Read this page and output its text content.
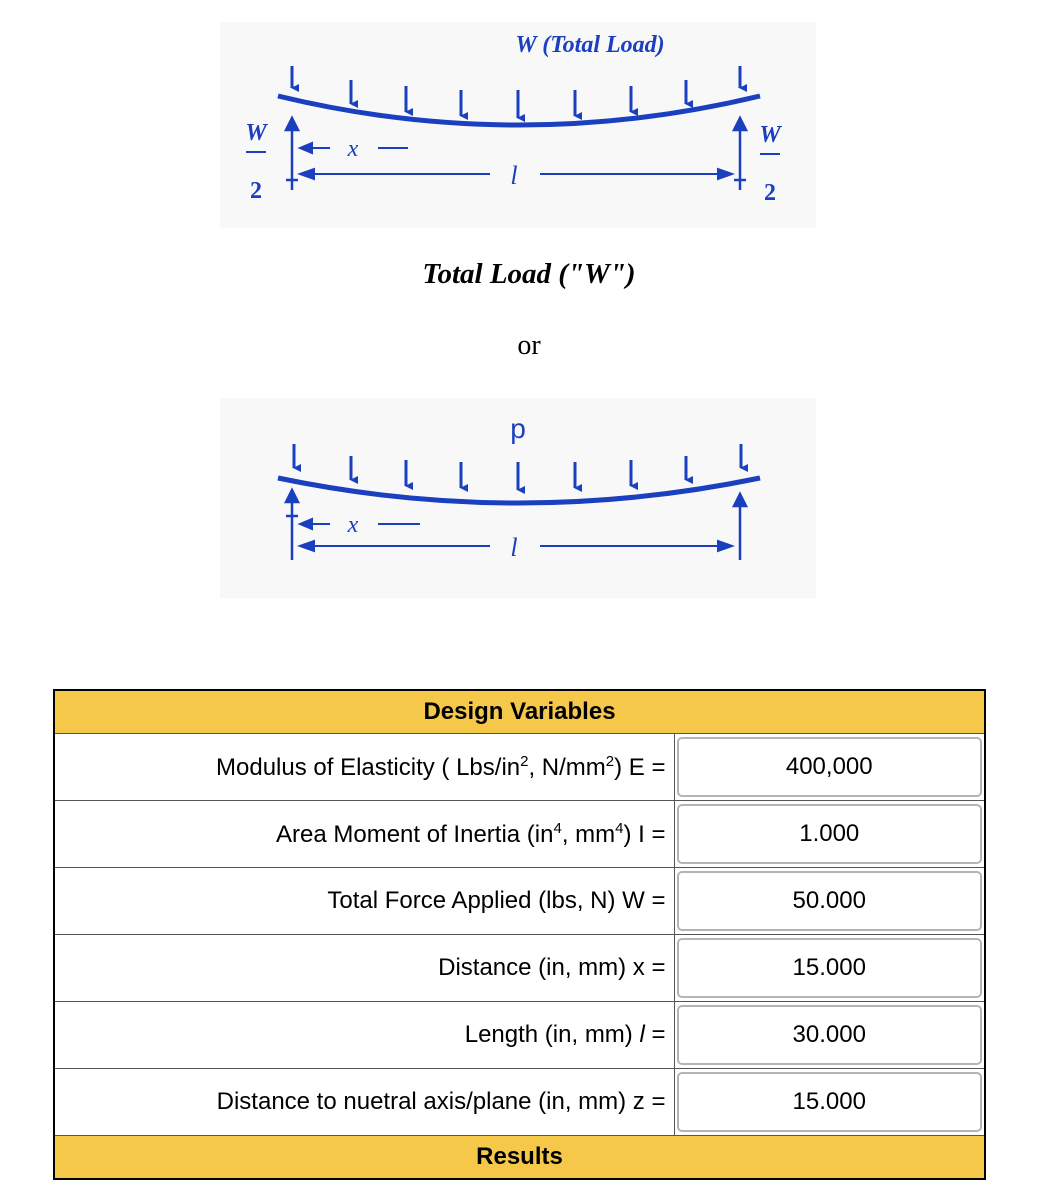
W (Total Load)
x
l
W
2
W
2
Total Load ("W")
or
p
x
l
Design Variables	
Modulus of Elasticity ( Lbs/$in^2$, $N/mm^2$) E =	400,000

Area Moment of Inertia ($in^4$, $mm^4$) I =	1.000

Total Force Applied (lbs, N) W =	50.000

Distance (in, mm) x =	15.000

Length (in, mm) l =	30.000

Distance to nuetral axis/plane (in, mm) z =	15.000

Results	
